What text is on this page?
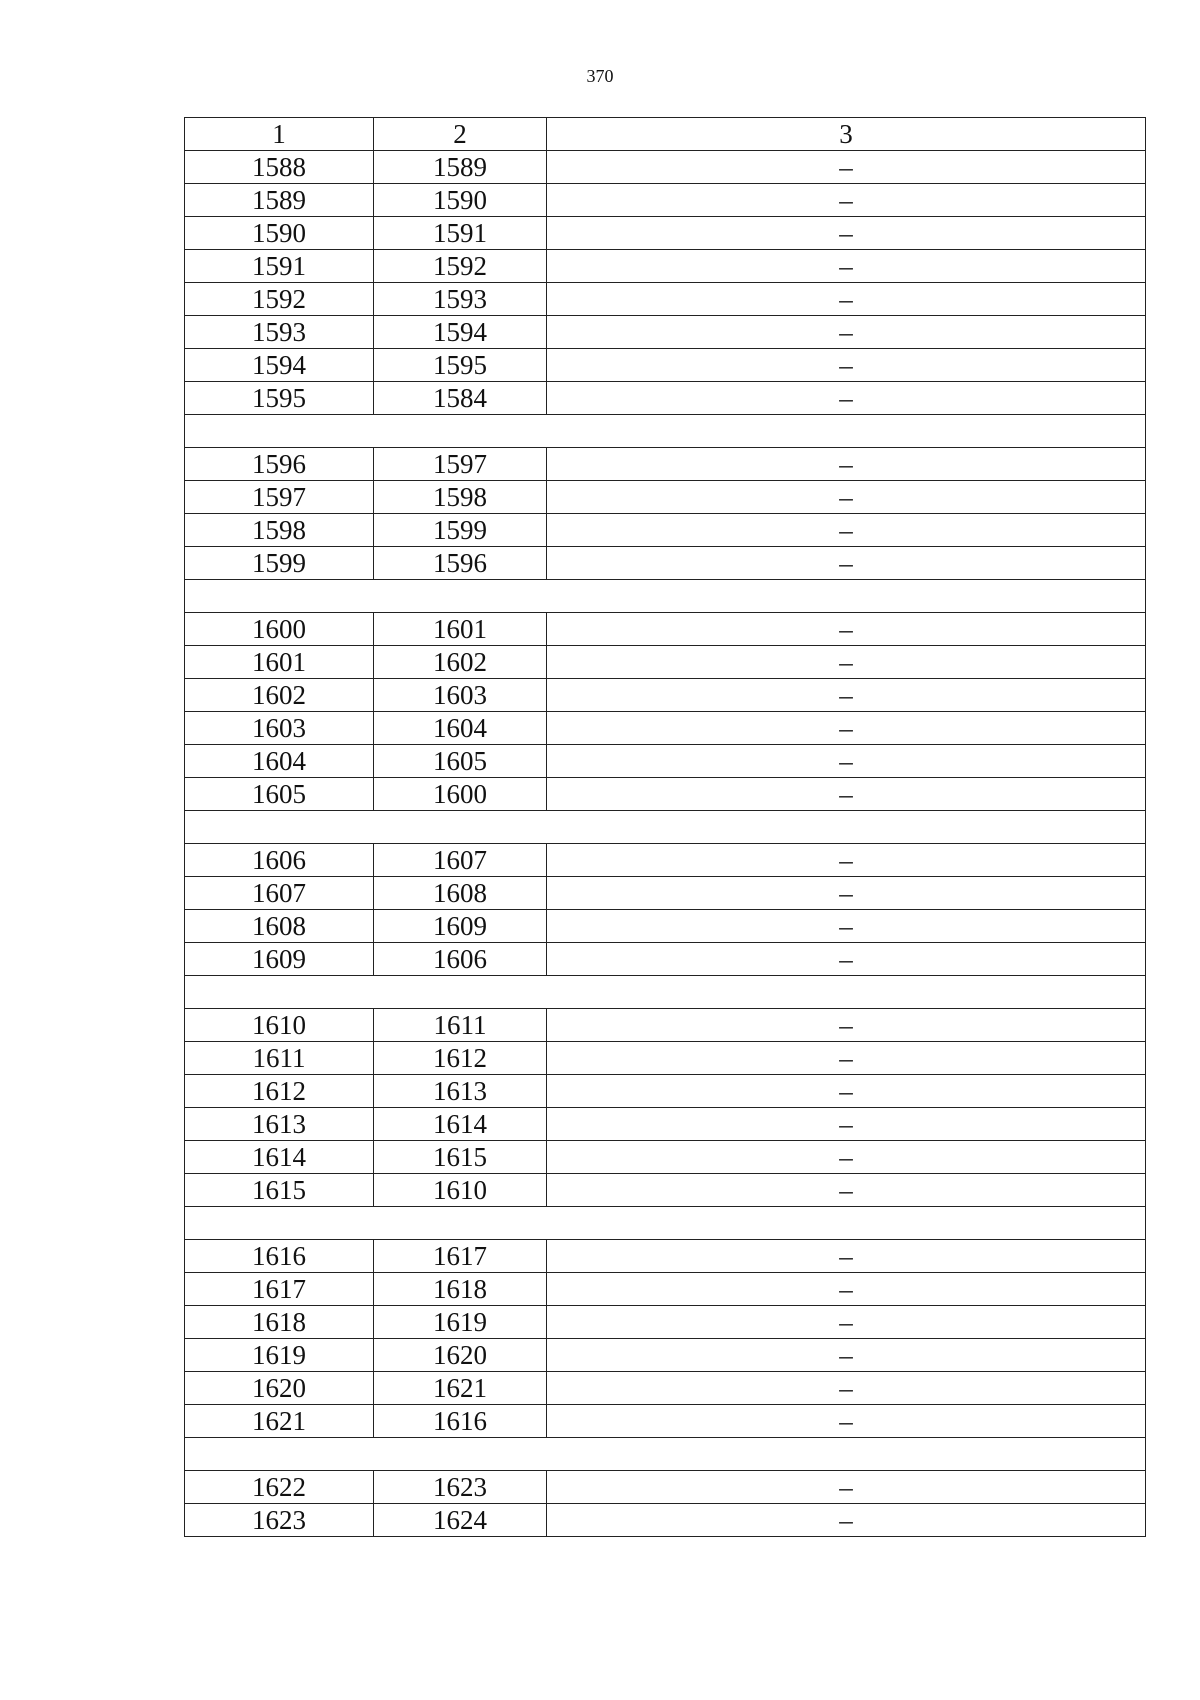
370
1	2	3
1588	1589	–
1589	1590	–
1590	1591	–
1591	1592	–
1592	1593	–
1593	1594	–
1594	1595	–
1595	1584	–

1596	1597	–
1597	1598	–
1598	1599	–
1599	1596	–

1600	1601	–
1601	1602	–
1602	1603	–
1603	1604	–
1604	1605	–
1605	1600	–

1606	1607	–
1607	1608	–
1608	1609	–
1609	1606	–

1610	1611	–
1611	1612	–
1612	1613	–
1613	1614	–
1614	1615	–
1615	1610	–

1616	1617	–
1617	1618	–
1618	1619	–
1619	1620	–
1620	1621	–
1621	1616	–

1622	1623	–
1623	1624	–
